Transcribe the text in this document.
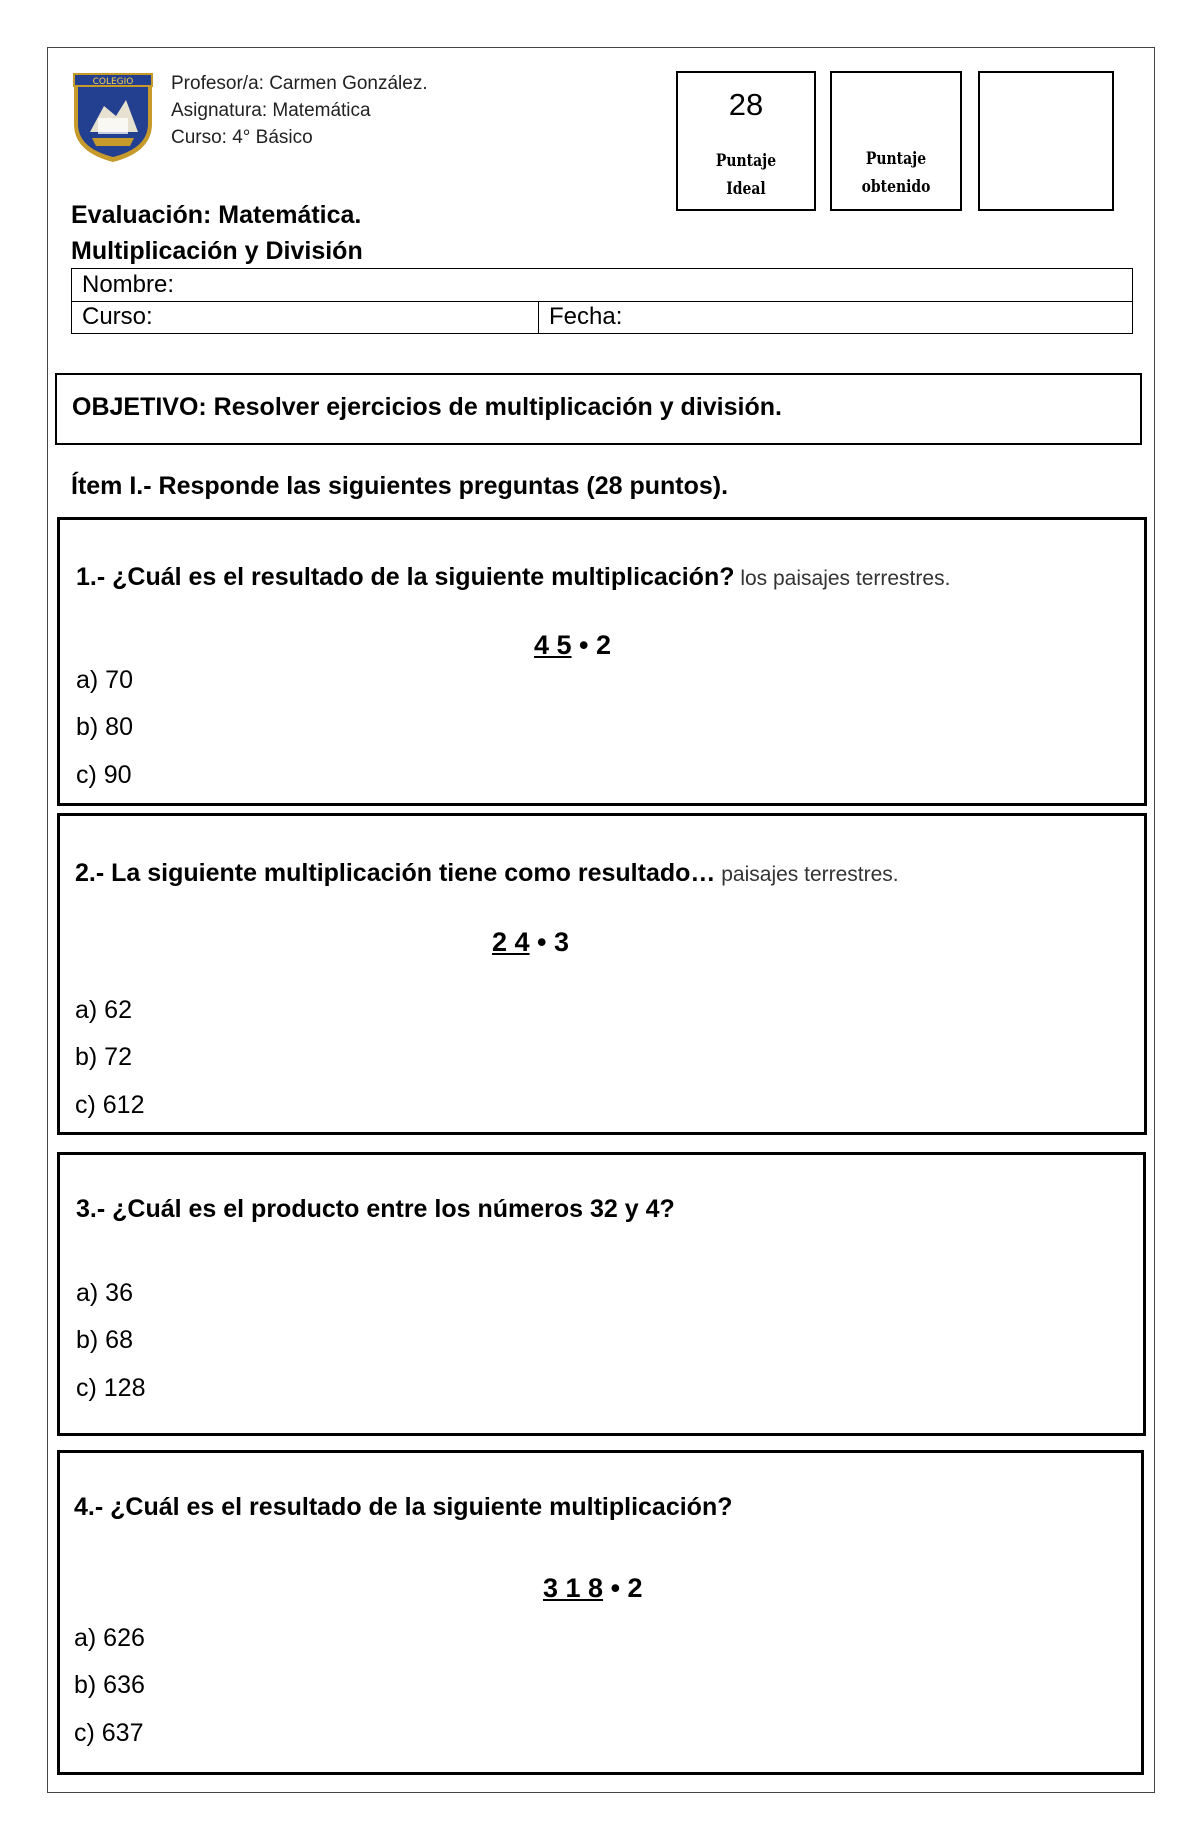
COLEGIO Profesor/a: Carmen González.
Asignatura: Matemática
Curso: 4° Básico
28
Puntaje
Ideal
Puntaje
obtenido
Evaluación: Matemática.
Multiplicación y División
Nombre:
Curso:	Fecha:
OBJETIVO: Resolver ejercicios de multiplicación y división.
Ítem I.- Responde las siguientes preguntas (28 puntos).
1.- ¿Cuál es el resultado de la siguiente multiplicación? los paisajes terrestres.
4 5 • 2
a) 70
b) 80
c) 90
2.- La siguiente multiplicación tiene como resultado… paisajes terrestres.
2 4 • 3
a) 62
b) 72
c) 612
3.- ¿Cuál es el producto entre los números 32 y 4?
a) 36
b) 68
c) 128
4.- ¿Cuál es el resultado de la siguiente multiplicación?
3 1 8 • 2
a) 626
b) 636
c) 637
